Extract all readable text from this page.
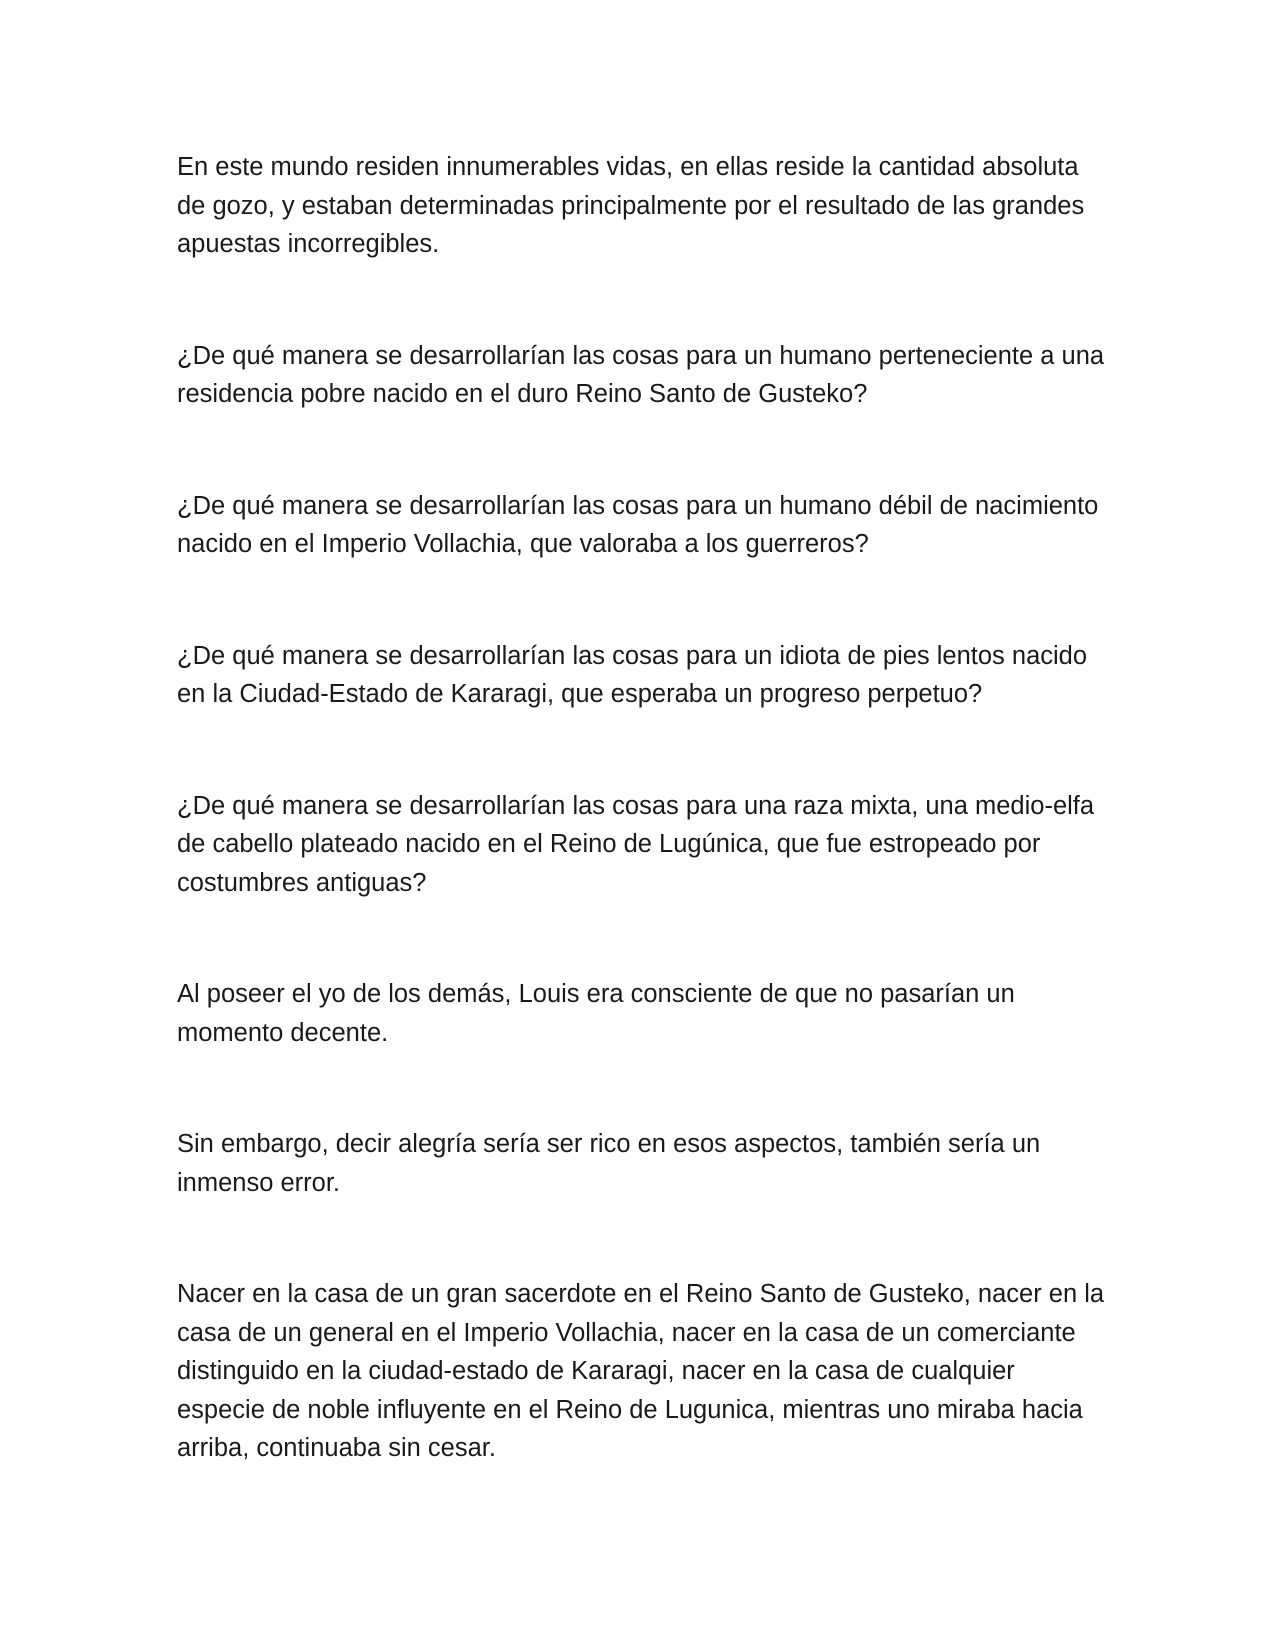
En este mundo residen innumerables vidas, en ellas reside la cantidad absoluta de gozo, y estaban determinadas principalmente por el resultado de las grandes apuestas incorregibles.

¿De qué manera se desarrollarían las cosas para un humano perteneciente a una residencia pobre nacido en el duro Reino Santo de Gusteko?

¿De qué manera se desarrollarían las cosas para un humano débil de nacimiento nacido en el Imperio Vollachia, que valoraba a los guerreros?

¿De qué manera se desarrollarían las cosas para un idiota de pies lentos nacido en la Ciudad-Estado de Kararagi, que esperaba un progreso perpetuo?

¿De qué manera se desarrollarían las cosas para una raza mixta, una medio-elfa de cabello plateado nacido en el Reino de Lugúnica, que fue estropeado por costumbres antiguas?

Al poseer el yo de los demás, Louis era consciente de que no pasarían un momento decente.

Sin embargo, decir alegría sería ser rico en esos aspectos, también sería un inmenso error.

Nacer en la casa de un gran sacerdote en el Reino Santo de Gusteko, nacer en la casa de un general en el Imperio Vollachia, nacer en la casa de un comerciante distinguido en la ciudad-estado de Kararagi, nacer en la casa de cualquier especie de noble influyente en el Reino de Lugunica, mientras uno miraba hacia arriba, continuaba sin cesar.
